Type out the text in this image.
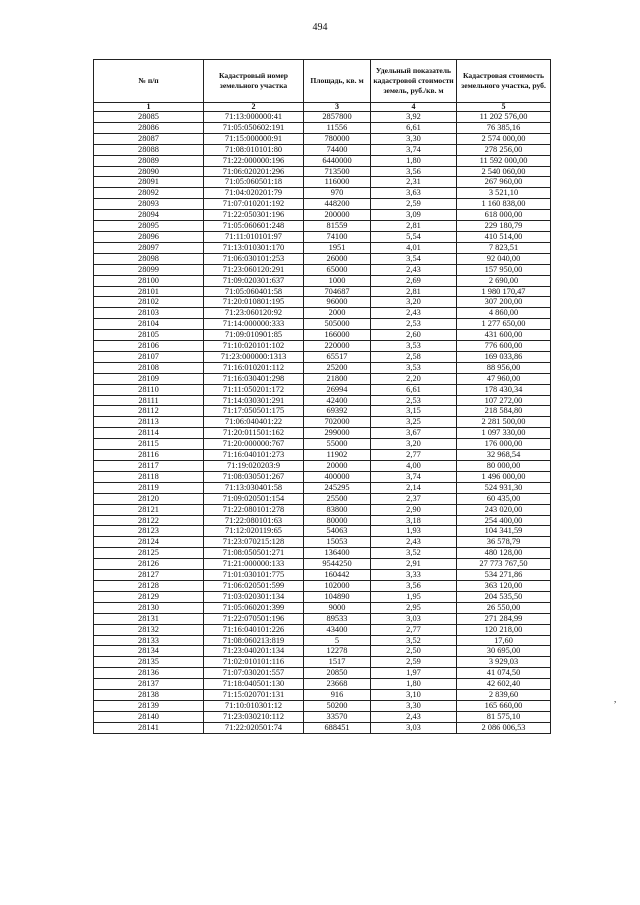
494
№ п/п	Кадастровый номер земельного участка	Площадь, кв. м	Удельный показатель кадастровой стоимости земель, руб./кв. м	Кадастровая стоимость земельного участка, руб.
1	2	3	4	5
28085	71:13:000000:41	2857800	3,92	11 202 576,00
28086	71:05:050602:191	11556	6,61	76 385,16
28087	71:15:000000:91	780000	3,30	2 574 000,00
28088	71:08:010101:80	74400	3,74	278 256,00
28089	71:22:000000:196	6440000	1,80	11 592 000,00
28090	71:06:020201:296	713500	3,56	2 540 060,00
28091	71:05:060501:18	116000	2,31	267 960,00
28092	71:04:020201:79	970	3,63	3 521,10
28093	71:07:010201:192	448200	2,59	1 160 838,00
28094	71:22:050301:196	200000	3,09	618 000,00
28095	71:05:060601:248	81559	2,81	229 180,79
28096	71:11:010101:97	74100	5,54	410 514,00
28097	71:13:010301:170	1951	4,01	7 823,51
28098	71:06:030101:253	26000	3,54	92 040,00
28099	71:23:060120:291	65000	2,43	157 950,00
28100	71:09:020301:637	1000	2,69	2 690,00
28101	71:05:060401:58	704687	2,81	1 980 170,47
28102	71:20:010801:195	96000	3,20	307 200,00
28103	71:23:060120:92	2000	2,43	4 860,00
28104	71:14:000000:333	505000	2,53	1 277 650,00
28105	71:09:010901:85	166000	2,60	431 600,00
28106	71:10:020101:102	220000	3,53	776 600,00
28107	71:23:000000:1313	65517	2,58	169 033,86
28108	71:16:010201:112	25200	3,53	88 956,00
28109	71:16:030401:298	21800	2,20	47 960,00
28110	71:11:050201:172	26994	6,61	178 430,34
28111	71:14:030301:291	42400	2,53	107 272,00
28112	71:17:050501:175	69392	3,15	218 584,80
28113	71:06:040401:22	702000	3,25	2 281 500,00
28114	71:20:011501:162	299000	3,67	1 097 330,00
28115	71:20:000000:767	55000	3,20	176 000,00
28116	71:16:040101:273	11902	2,77	32 968,54
28117	71:19:020203:9	20000	4,00	80 000,00
28118	71:08:030501:267	400000	3,74	1 496 000,00
28119	71:13:030401:58	245295	2,14	524 931,30
28120	71:09:020501:154	25500	2,37	60 435,00
28121	71:22:080101:278	83800	2,90	243 020,00
28122	71:22:080101:63	80000	3,18	254 400,00
28123	71:12:020119:65	54063	1,93	104 341,59
28124	71:23:070215:128	15053	2,43	36 578,79
28125	71:08:050501:271	136400	3,52	480 128,00
28126	71:21:000000:133	9544250	2,91	27 773 767,50
28127	71:01:030101:775	160442	3,33	534 271,86
28128	71:06:020501:599	102000	3,56	363 120,00
28129	71:03:020301:134	104890	1,95	204 535,50
28130	71:05:060201:399	9000	2,95	26 550,00
28131	71:22:070501:196	89533	3,03	271 284,99
28132	71:16:040101:226	43400	2,77	120 218,00
28133	71:08:060213:819	5	3,52	17,60
28134	71:23:040201:134	12278	2,50	30 695,00
28135	71:02:010101:116	1517	2,59	3 929,03
28136	71:07:030201:557	20850	1,97	41 074,50
28137	71:18:040501:130	23668	1,80	42 602,40
28138	71:15:020701:131	916	3,10	2 839,60
28139	71:10:010301:12	50200	3,30	165 660,00
28140	71:23:030210:112	33570	2,43	81 575,10
28141	71:22:020501:74	688451	3,03	2 086 006,53
,
